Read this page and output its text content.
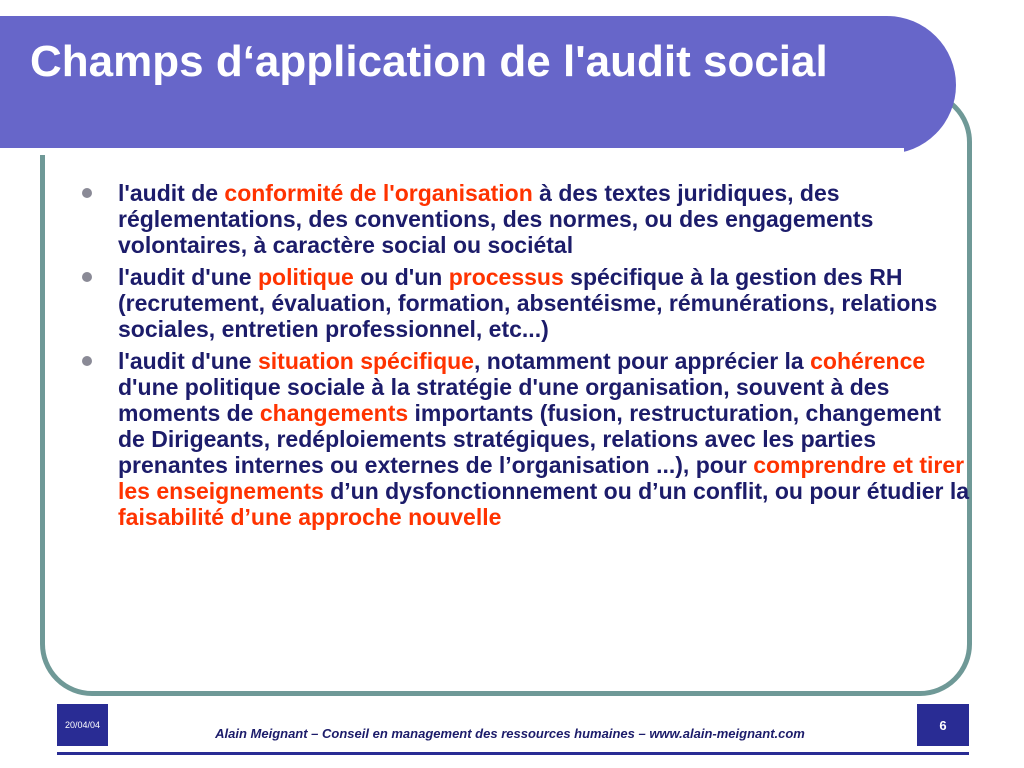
Champs d‘application de l'audit social
l'audit de conformité de l'organisation à des textes juridiques, des réglementations, des conventions, des normes, ou des engagements volontaires, à caractère social ou sociétal
l'audit d'une politique ou d'un processus spécifique à la gestion des RH (recrutement, évaluation, formation, absentéisme, rémunérations, relations sociales, entretien professionnel, etc...)
l'audit d'une situation spécifique, notamment pour apprécier la cohérence d'une politique sociale à la stratégie d'une organisation, souvent à des moments de changements importants (fusion, restructuration, changement de Dirigeants, redéploiements stratégiques, relations avec les parties prenantes internes ou externes de l’organisation ...), pour comprendre et tirer les enseignements d’un dysfonctionnement ou d’un conflit, ou pour étudier la faisabilité d’une approche nouvelle
20/04/04
Alain Meignant – Conseil en management des ressources humaines – www.alain-meignant.com
6
